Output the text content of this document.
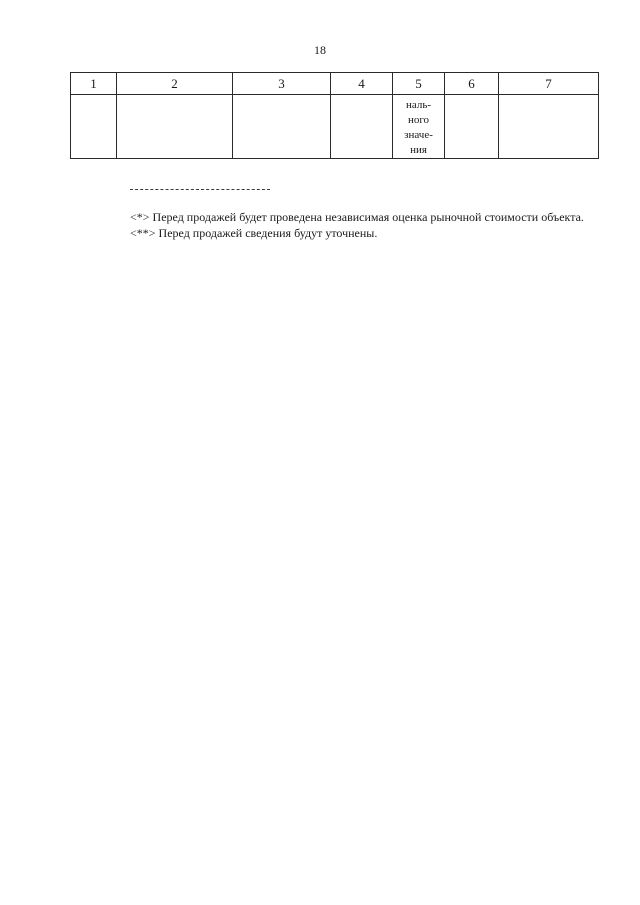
18
1	2	3	4	5	6	7

				наль-
ного
значе-
ния		

<*> Перед продажей будет проведена независимая оценка рыночной стоимости объекта.

<**> Перед продажей сведения будут уточнены.
